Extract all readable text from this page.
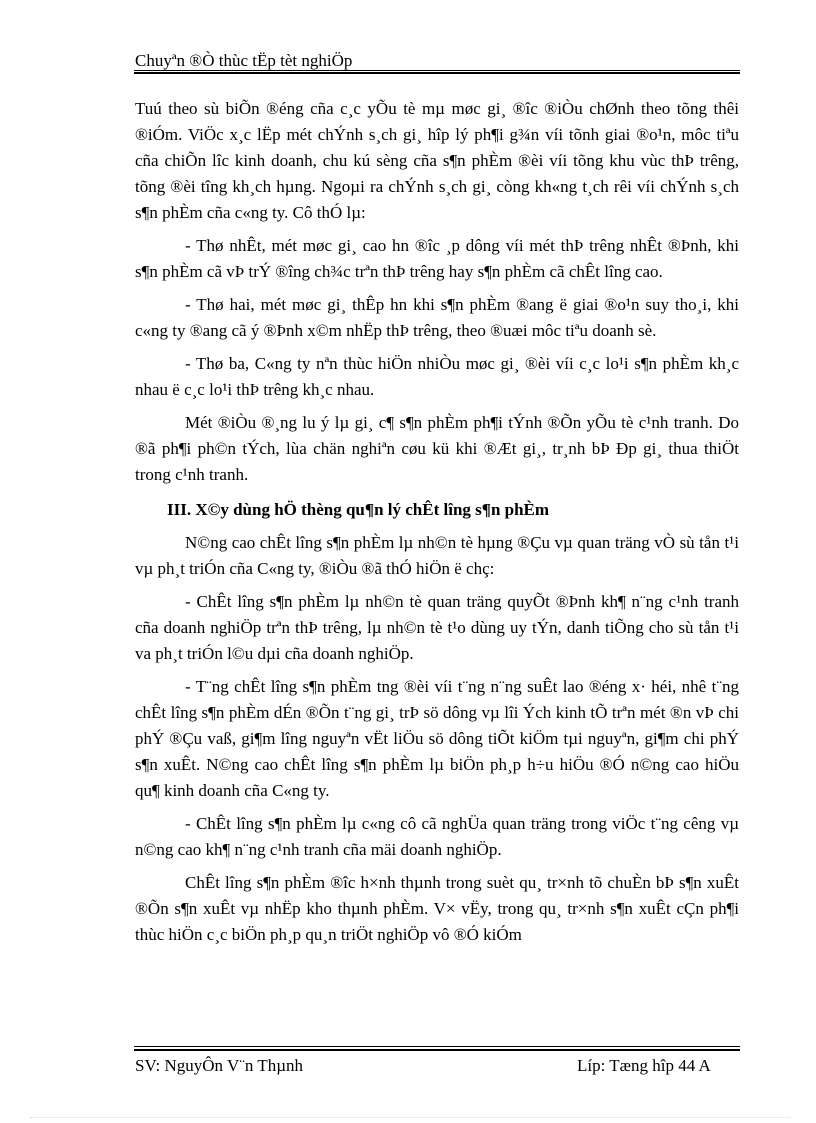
Chuyªn ®Ò thùc tËp tèt nghiÖp

Tuú theo sù biÕn ®éng cña c¸c yÕu tè mµ møc gi¸ ®îc ®iÒu chØnh theo tõng thêi ®iÓm. ViÖc x¸c lËp mét chÝnh s¸ch gi¸ hîp lý ph¶i g¾n víi tõnh giai ®o¹n, môc tiªu cña chiÕn lîc kinh doanh, chu kú sèng cña s¶n phÈm ®èi víi tõng khu vùc thÞ trêng, tõng ®èi tîng kh¸ch hµng. Ngoµi ra chÝnh s¸ch gi¸ còng kh«ng t¸ch rêi víi chÝnh s¸ch s¶n phÈm cña c«ng ty. Cô thÓ lµ:

- Thø nhÊt, mét møc gi¸ cao hn ®îc ¸p dông víi mét thÞ trêng nhÊt ®Þnh, khi s¶n phÈm cã vÞ trÝ ®îng ch¾c trªn thÞ trêng hay s¶n phÈm cã chÊt lîng cao.

- Thø hai, mét møc gi¸ thÊp hn khi s¶n phÈm ®ang ë giai ®o¹n suy tho¸i, khi c«ng ty ®ang cã ý ®Þnh x©m nhËp thÞ trêng, theo ®uæi môc tiªu doanh sè.

- Thø ba, C«ng ty nªn thùc hiÖn nhiÒu møc gi¸ ®èi víi c¸c lo¹i s¶n phÈm kh¸c nhau ë c¸c lo¹i thÞ trêng kh¸c nhau.

Mét ®iÒu ®¸ng lu ý lµ gi¸ c¶ s¶n phÈm ph¶i tÝnh ®Õn yÕu tè c¹nh tranh. Do ®ã ph¶i ph©n tÝch, lùa chän nghiªn cøu kü khi ®Æt gi¸, tr¸nh bÞ Ðp gi¸ thua thiÖt trong c¹nh tranh.

III. X©y dùng hÖ thèng qu¶n lý chÊt lîng s¶n phÈm

N©ng cao chÊt lîng s¶n phÈm lµ nh©n tè hµng ®Çu vµ quan träng vÒ sù tån t¹i vµ ph¸t triÓn cña C«ng ty, ®iÒu ®ã thÓ hiÖn ë chç:

- ChÊt lîng s¶n phÈm lµ nh©n tè quan träng quyÕt ®Þnh kh¶ n¨ng c¹nh tranh cña doanh nghiÖp trªn thÞ trêng, lµ nh©n tè t¹o dùng uy tÝn, danh tiÕng cho sù tån t¹i va ph¸t triÓn l©u dµi cña doanh nghiÖp.

- T¨ng chÊt lîng s¶n phÈm tng ®èi víi t¨ng n¨ng suÊt lao ®éng x· héi, nhê t¨ng chÊt lîng s¶n phÈm dÉn ®Õn t¨ng gi¸ trÞ sö dông vµ lîi Ých kinh tÕ trªn mét ®n vÞ chi phÝ ®Çu vaß, gi¶m lîng nguyªn vËt liÖu sö dông tiÕt kiÖm tµi nguyªn, gi¶m chi phÝ s¶n xuÊt. N©ng cao chÊt lîng s¶n phÈm lµ biÖn ph¸p h÷u hiÖu ®Ó n©ng cao hiÖu qu¶ kinh doanh cña C«ng ty.

- ChÊt lîng s¶n phÈm lµ c«ng cô cã nghÜa quan träng trong viÖc t¨ng cêng vµ n©ng cao kh¶ n¨ng c¹nh tranh cña mäi doanh nghiÖp.

ChÊt lîng s¶n phÈm ®îc h×nh thµnh trong suèt qu¸ tr×nh tõ chuÈn bÞ s¶n xuÊt ®Õn s¶n xuÊt vµ nhËp kho thµnh phÈm. V× vËy, trong qu¸ tr×nh s¶n xuÊt cÇn ph¶i thùc hiÖn c¸c biÖn ph¸p qu¸n triÖt nghiÖp vô ®Ó kiÓm

SV: NguyÔn V¨n Thµnh	Líp: Tæng hîp 44 A
